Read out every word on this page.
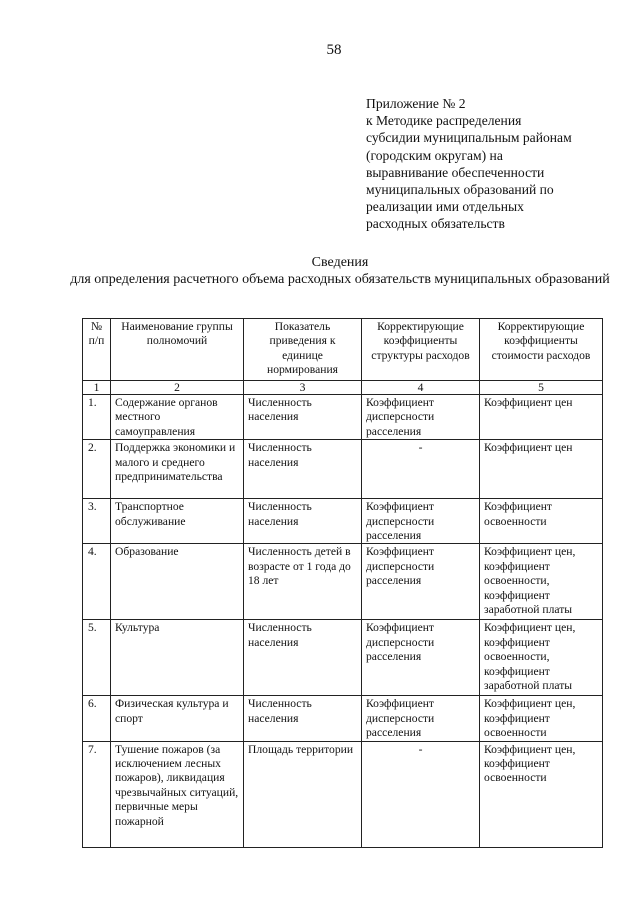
58
Приложение № 2
к Методике распределения
субсидии муниципальным районам
(городским округам) на
выравнивание обеспеченности
муниципальных образований по
реализации ими отдельных
расходных обязательств
Сведения
для определения расчетного объема расходных обязательств муниципальных образований
№ п/п	Наименование группы полномочий	Показатель приведения к единице нормирования	Корректирующие коэффициенты структуры расходов	Корректирующие коэффициенты стоимости расходов
1	2	3	4	5
1.	Содержание органов местного самоуправления	Численность населения	Коэффициент дисперсности расселения	Коэффициент цен
2.	Поддержка экономики и малого и среднего предпринимательства	Численность населения	-	Коэффициент цен
3.	Транспортное обслуживание	Численность населения	Коэффициент дисперсности расселения	Коэффициент освоенности
4.	Образование	Численность детей в возрасте от 1 года до 18 лет	Коэффициент дисперсности расселения	Коэффициент цен, коэффициент освоенности, коэффициент заработной платы
5.	Культура	Численность населения	Коэффициент дисперсности расселения	Коэффициент цен, коэффициент освоенности, коэффициент заработной платы
6.	Физическая культура и спорт	Численность населения	Коэффициент дисперсности расселения	Коэффициент цен, коэффициент освоенности
7.	Тушение пожаров (за исключением лесных пожаров), ликвидация чрезвычайных ситуаций, первичные меры пожарной	Площадь территории	-	Коэффициент цен, коэффициент освоенности
